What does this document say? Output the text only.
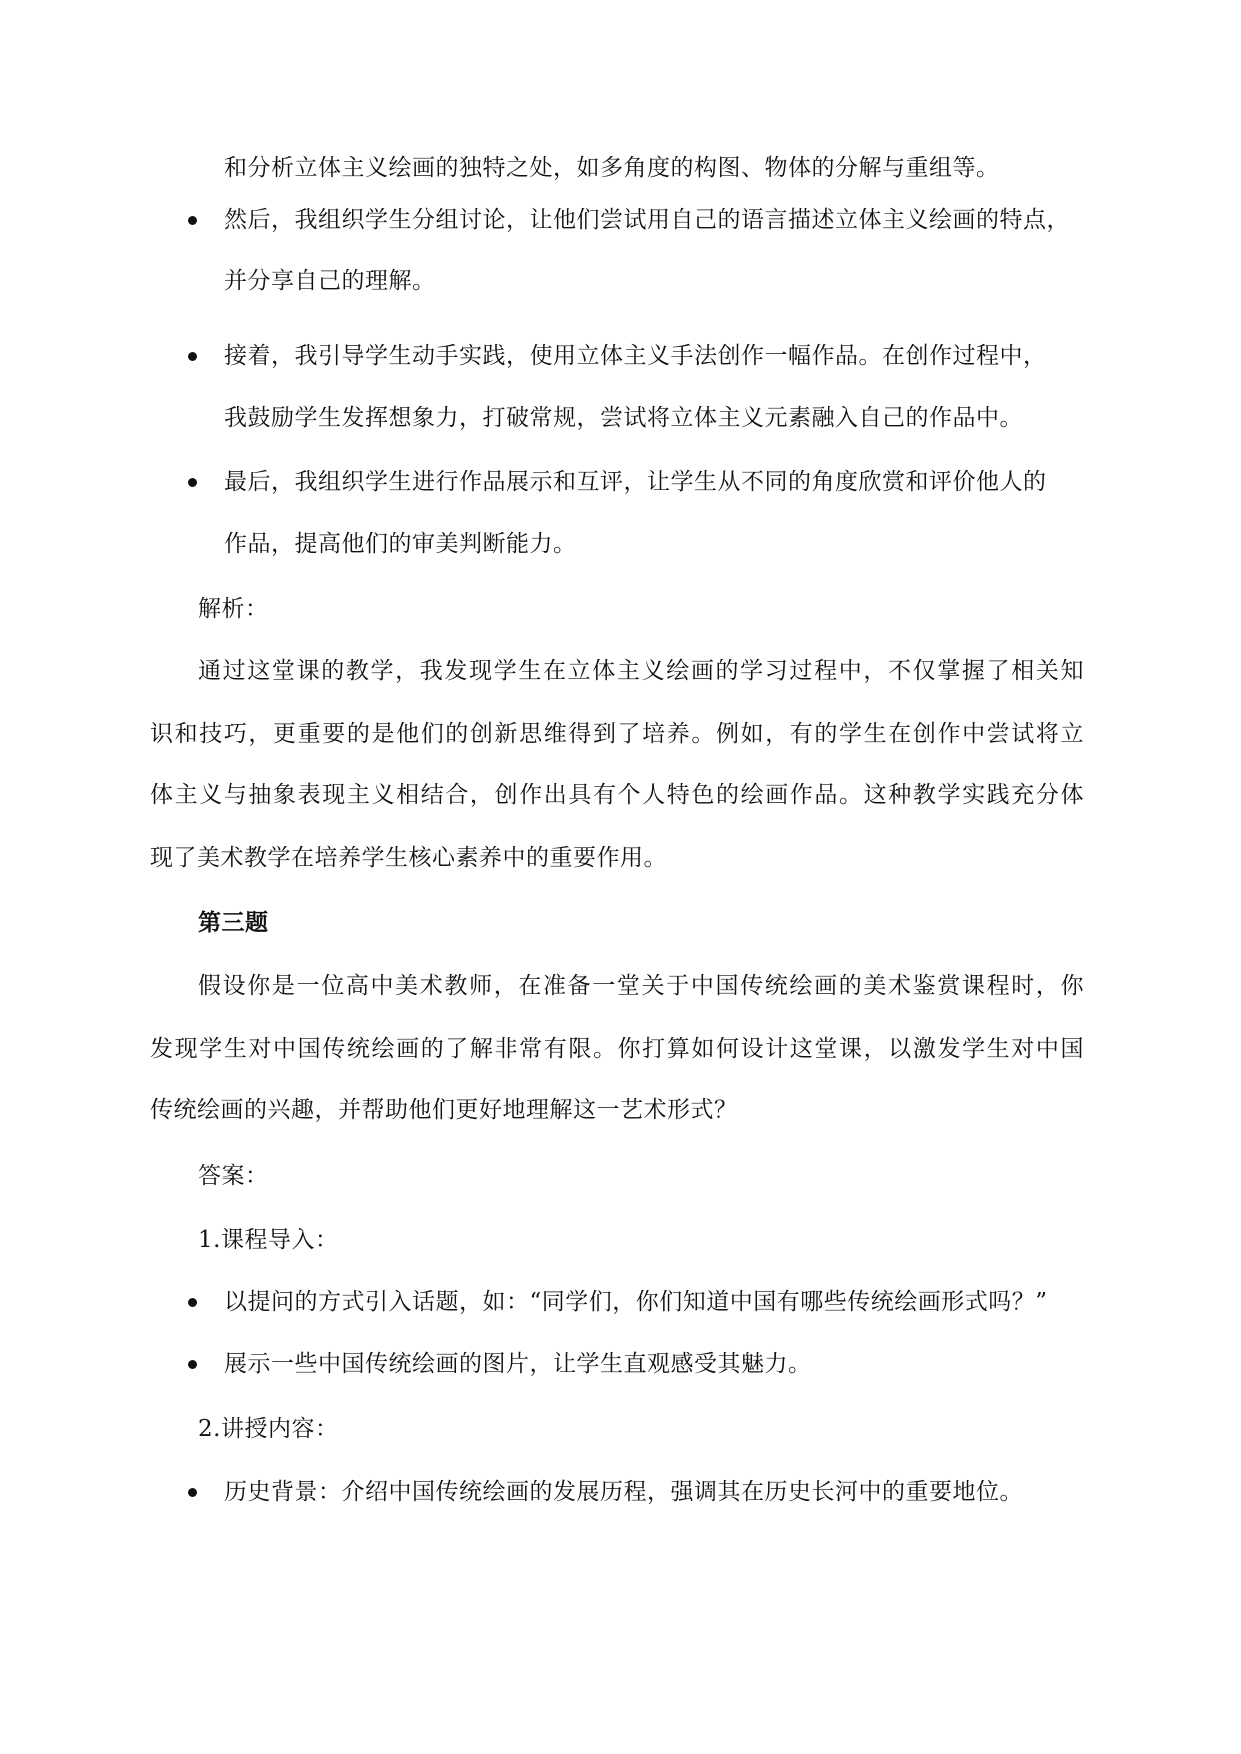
和分析立体主义绘画的独特之处，如多角度的构图、物体的分解与重组等。
然后，我组织学生分组讨论，让他们尝试用自己的语言描述立体主义绘画的特点，
并分享自己的理解。
接着，我引导学生动手实践，使用立体主义手法创作一幅作品。在创作过程中，
我鼓励学生发挥想象力，打破常规，尝试将立体主义元素融入自己的作品中。
最后，我组织学生进行作品展示和互评，让学生从不同的角度欣赏和评价他人的
作品，提高他们的审美判断能力。
解析：
通过这堂课的教学，我发现学生在立体主义绘画的学习过程中，不仅掌握了相关知
识和技巧，更重要的是他们的创新思维得到了培养。例如，有的学生在创作中尝试将立
体主义与抽象表现主义相结合，创作出具有个人特色的绘画作品。这种教学实践充分体
现了美术教学在培养学生核心素养中的重要作用。
第三题
假设你是一位高中美术教师，在准备一堂关于中国传统绘画的美术鉴赏课程时，你
发现学生对中国传统绘画的了解非常有限。你打算如何设计这堂课，以激发学生对中国
传统绘画的兴趣，并帮助他们更好地理解这一艺术形式？
答案：
1.课程导入：
以提问的方式引入话题，如：“同学们，你们知道中国有哪些传统绘画形式吗？”
展示一些中国传统绘画的图片，让学生直观感受其魅力。
2.讲授内容：
历史背景：介绍中国传统绘画的发展历程，强调其在历史长河中的重要地位。
